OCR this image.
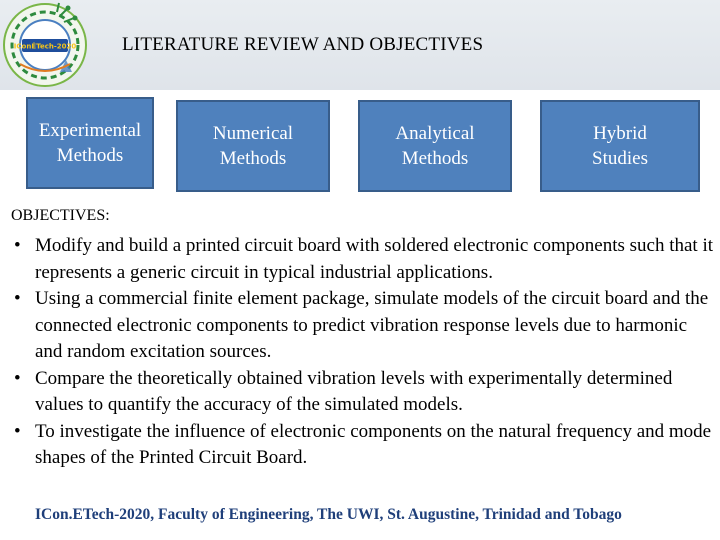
IConÉTech-2020 LITERATURE REVIEW AND OBJECTIVES
Experimental
Methods
Numerical
Methods
Analytical
Methods
Hybrid
Studies
OBJECTIVES:
• Modify and build a printed circuit board with soldered electronic components such that it represents a generic circuit in typical industrial applications.
• Using a commercial finite element package, simulate models of the circuit board and the connected electronic components to predict vibration response levels due to harmonic and random excitation sources.
• Compare the theoretically obtained vibration levels with experimentally determined values to quantify the accuracy of the simulated models.
• To investigate the influence of electronic components on the natural frequency and mode shapes of the Printed Circuit Board.
ICon.ETech-2020, Faculty of Engineering, The UWI, St. Augustine, Trinidad and Tobago
